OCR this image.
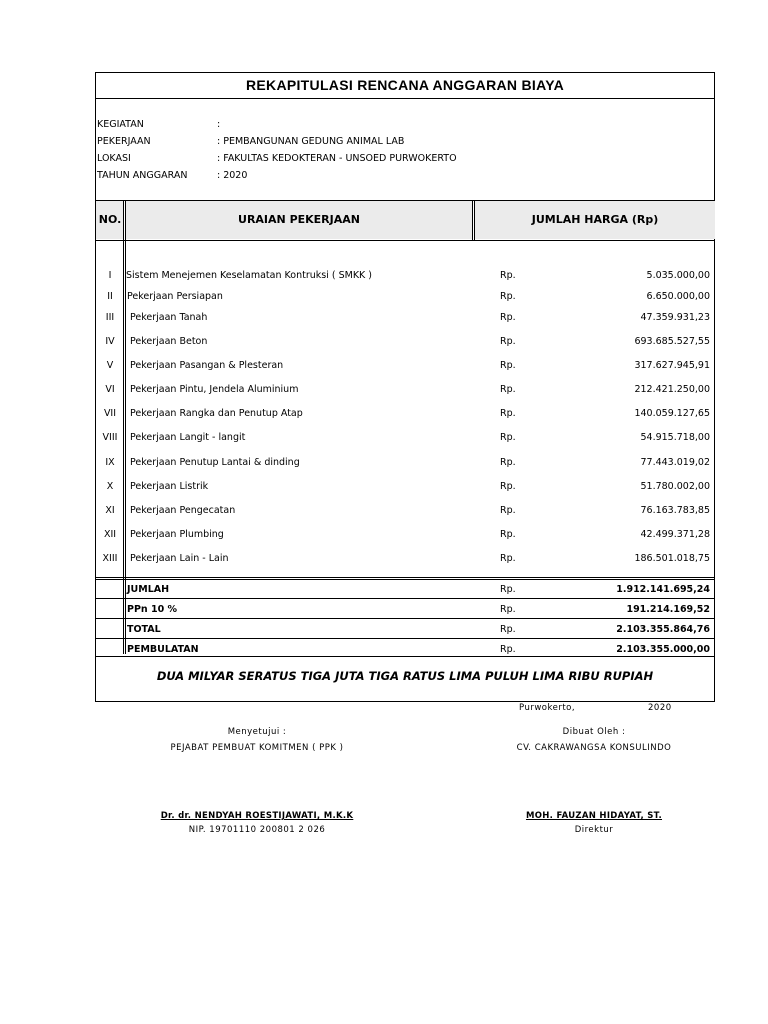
REKAPITULASI RENCANA ANGGARAN BIAYA
KEGIATAN	:
PEKERJAAN	: PEMBANGUNAN GEDUNG ANIMAL LAB
LOKASI	: FAKULTAS KEDOKTERAN - UNSOED PURWOKERTO
TAHUN ANGGARAN	: 2020
NO.	URAIAN PEKERJAAN	JUMLAH HARGA (Rp)
I	Sistem Menejemen Keselamatan Kontruksi ( SMKK )	Rp.	5.035.000,00
II	Pekerjaan Persiapan	Rp.	6.650.000,00
III	Pekerjaan Tanah	Rp.	47.359.931,23
IV	Pekerjaan Beton	Rp.	693.685.527,55
V	Pekerjaan Pasangan & Plesteran	Rp.	317.627.945,91
VI	Pekerjaan Pintu, Jendela Aluminium	Rp.	212.421.250,00
VII	Pekerjaan Rangka dan Penutup Atap	Rp.	140.059.127,65
VIII	Pekerjaan Langit - langit	Rp.	54.915.718,00
IX	Pekerjaan Penutup Lantai & dinding	Rp.	77.443.019,02
X	Pekerjaan Listrik	Rp.	51.780.002,00
XI	Pekerjaan Pengecatan	Rp.	76.163.783,85
XII	Pekerjaan Plumbing	Rp.	42.499.371,28
XIII	Pekerjaan Lain - Lain	Rp.	186.501.018,75
JUMLAH	Rp.	1.912.141.695,24
PPn 10 %	Rp.	191.214.169,52
TOTAL	Rp.	2.103.355.864,76
PEMBULATAN	Rp.	2.103.355.000,00
DUA MILYAR SERATUS TIGA JUTA TIGA RATUS LIMA PULUH LIMA RIBU RUPIAH
Purwokerto,	2020
Menyetujui :
PEJABAT PEMBUAT KOMITMEN ( PPK )
Dr. dr. NENDYAH ROESTIJAWATI, M.K.K
NIP. 19701110 200801 2 026
Dibuat Oleh :
CV. CAKRAWANGSA KONSULINDO
MOH. FAUZAN HIDAYAT, ST.
Direktur
